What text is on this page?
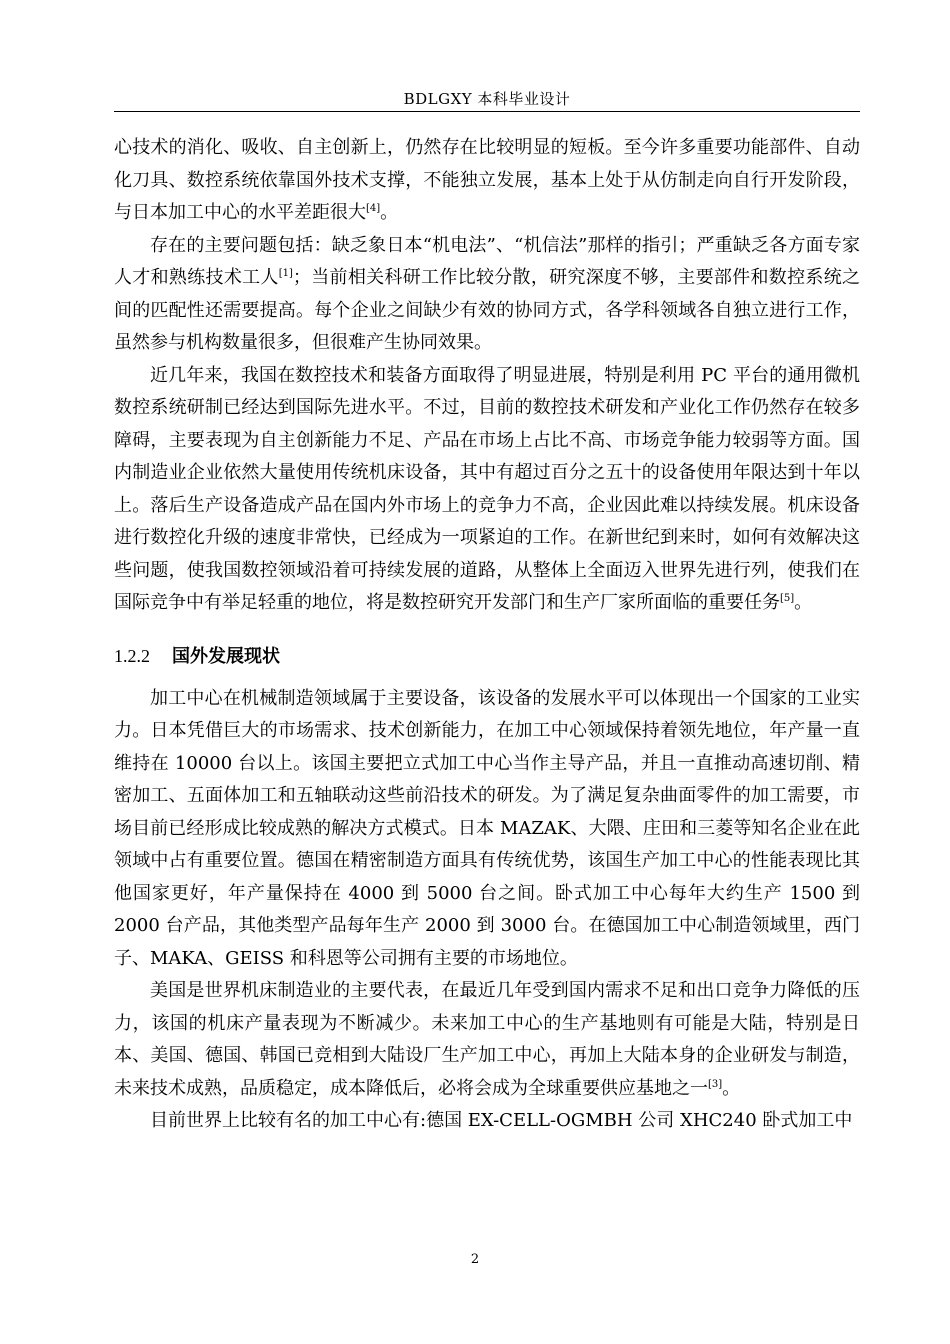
BDLGXY 本科毕业设计

心技术的消化、吸收、自主创新上，仍然存在比较明显的短板。至今许多重要功能部件、自动化刀具、数控系统依靠国外技术支撑，不能独立发展，基本上处于从仿制走向自行开发阶段，与日本加工中心的水平差距很大[4]。

存在的主要问题包括：缺乏象日本“机电法”、“机信法”那样的指引；严重缺乏各方面专家人才和熟练技术工人[1]；当前相关科研工作比较分散，研究深度不够，主要部件和数控系统之间的匹配性还需要提高。每个企业之间缺少有效的协同方式，各学科领域各自独立进行工作，虽然参与机构数量很多，但很难产生协同效果。

近几年来，我国在数控技术和装备方面取得了明显进展，特别是利用 PC 平台的通用微机数控系统研制已经达到国际先进水平。不过，目前的数控技术研发和产业化工作仍然存在较多障碍，主要表现为自主创新能力不足、产品在市场上占比不高、市场竞争能力较弱等方面。国内制造业企业依然大量使用传统机床设备，其中有超过百分之五十的设备使用年限达到十年以上。落后生产设备造成产品在国内外市场上的竞争力不高，企业因此难以持续发展。机床设备进行数控化升级的速度非常快，已经成为一项紧迫的工作。在新世纪到来时，如何有效解决这些问题，使我国数控领域沿着可持续发展的道路，从整体上全面迈入世界先进行列，使我们在国际竞争中有举足轻重的地位，将是数控研究开发部门和生产厂家所面临的重要任务[5]。

1.2.2 国外发展现状

加工中心在机械制造领域属于主要设备，该设备的发展水平可以体现出一个国家的工业实力。日本凭借巨大的市场需求、技术创新能力，在加工中心领域保持着领先地位，年产量一直维持在 10000 台以上。该国主要把立式加工中心当作主导产品，并且一直推动高速切削、精密加工、五面体加工和五轴联动这些前沿技术的研发。为了满足复杂曲面零件的加工需要，市场目前已经形成比较成熟的解决方式模式。日本 MAZAK、大隈、庄田和三菱等知名企业在此领域中占有重要位置。德国在精密制造方面具有传统优势，该国生产加工中心的性能表现比其他国家更好，年产量保持在 4000 到 5000 台之间。卧式加工中心每年大约生产 1500 到 2000 台产品，其他类型产品每年生产 2000 到 3000 台。在德国加工中心制造领域里，西门子、MAKA、GEISS 和科恩等公司拥有主要的市场地位。

美国是世界机床制造业的主要代表，在最近几年受到国内需求不足和出口竞争力降低的压力，该国的机床产量表现为不断减少。未来加工中心的生产基地则有可能是大陆，特别是日本、美国、德国、韩国已竞相到大陆设厂生产加工中心，再加上大陆本身的企业研发与制造，未来技术成熟，品质稳定，成本降低后，必将会成为全球重要供应基地之一[3]。

目前世界上比较有名的加工中心有:德国 EX-CELL-OGMBH 公司 XHC240 卧式加工中

2
